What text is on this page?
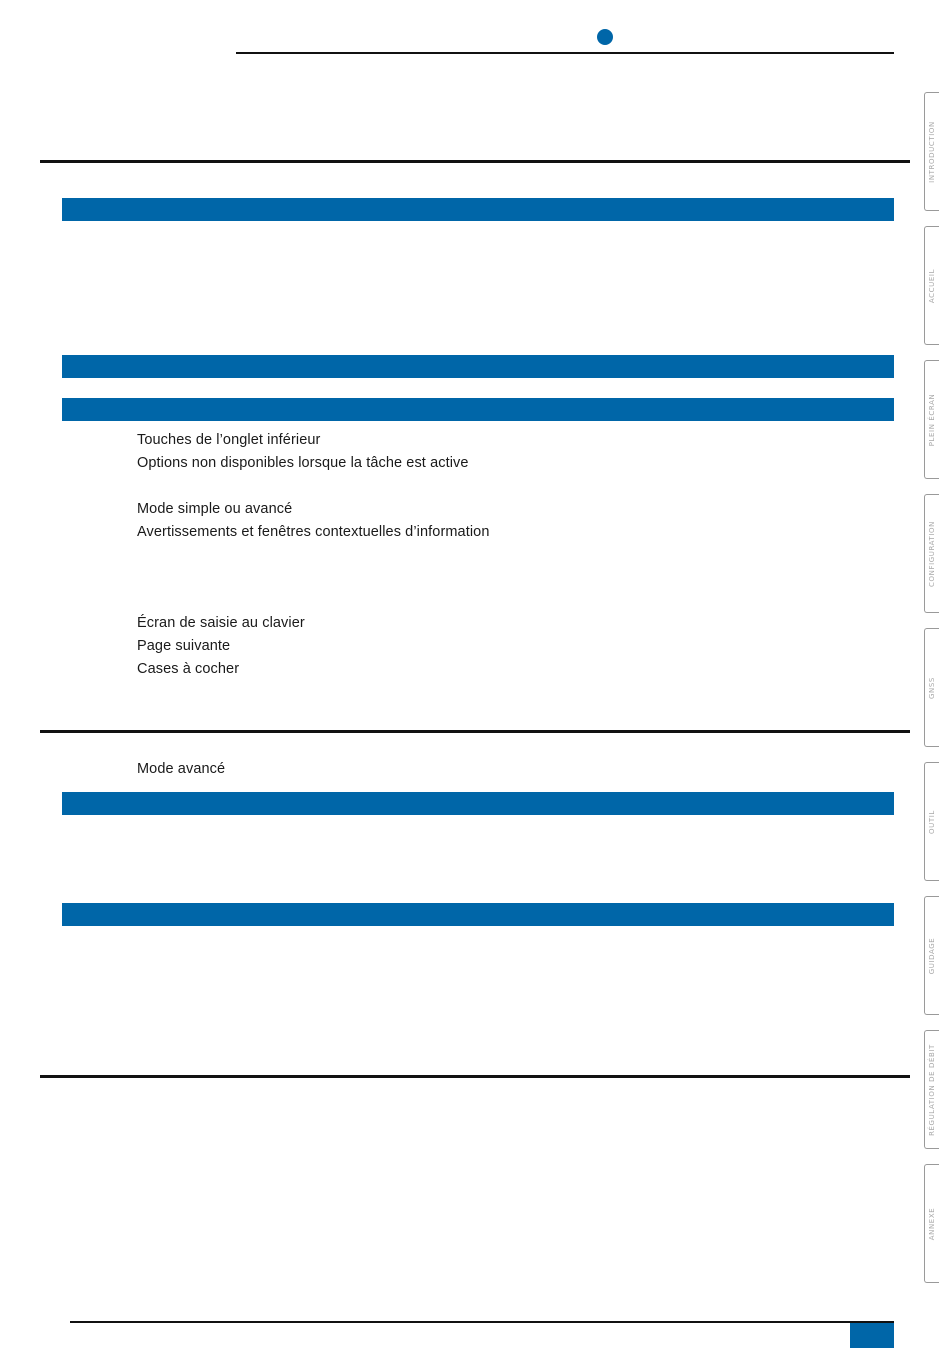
Touches de l’onglet inférieur
Options non disponibles lorsque la tâche est active
Mode simple ou avancé
Avertissements et fenêtres contextuelles d’information
Écran de saisie au clavier
Page suivante
Cases à cocher
Mode avancé
INTRODUCTION
ACCUEIL
PLEIN ÉCRAN
CONFIGURATION
GNSS
OUTIL
GUIDAGE
RÉGULATION DE DÉBIT
ANNEXE
